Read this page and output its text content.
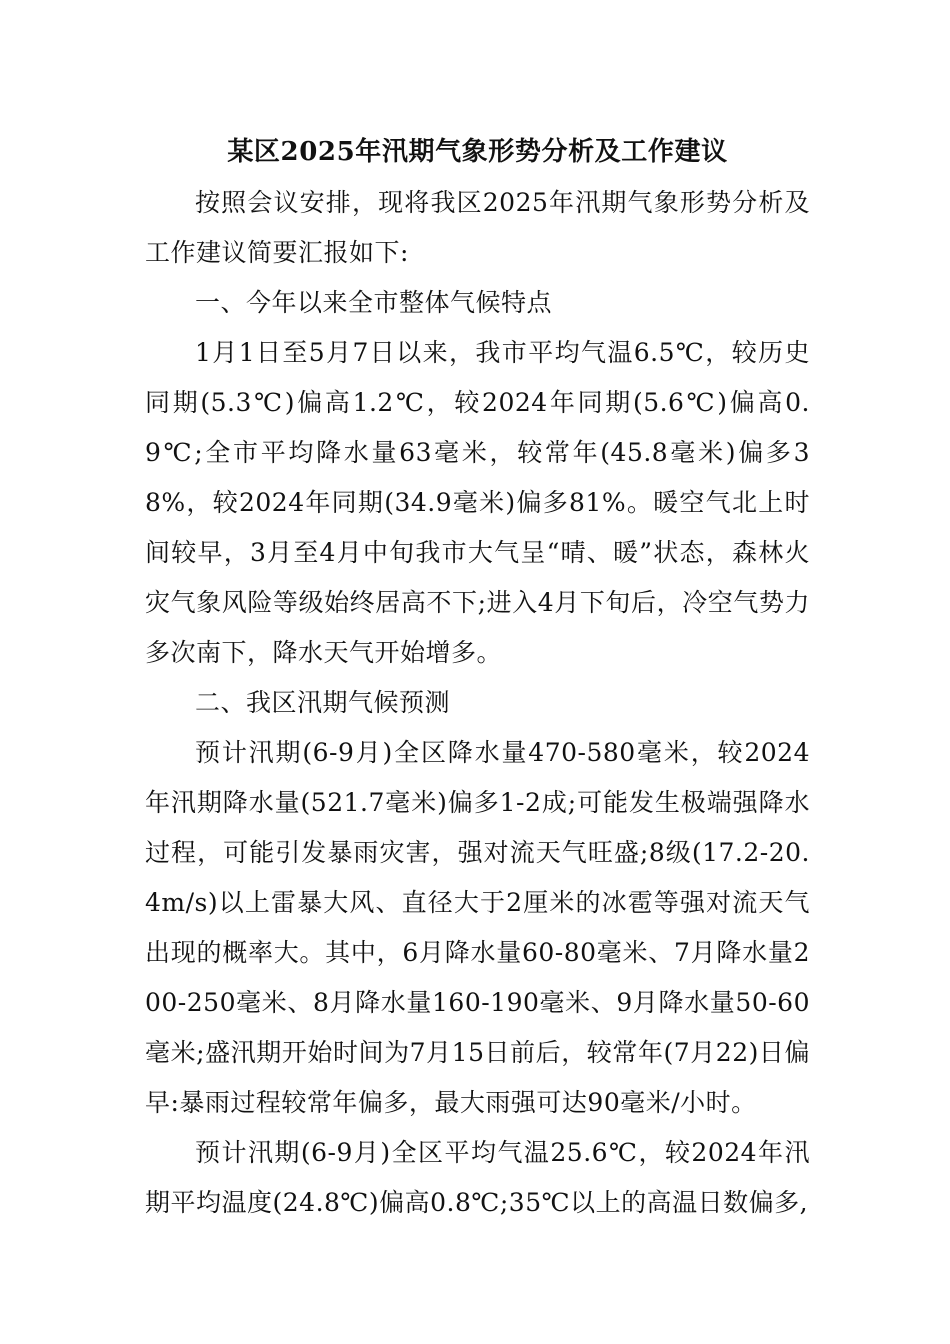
某区2025年汛期气象形势分析及工作建议

按照会议安排，现将我区2025年汛期气象形势分析及工作建议简要汇报如下:

一、今年以来全市整体气候特点

1月1日至5月7日以来，我市平均气温6.5℃，较历史同期(5.3℃)偏高1.2℃，较2024年同期(5.6℃)偏高0.9℃;全市平均降水量63毫米，较常年(45.8毫米)偏多38%，较2024年同期(34.9毫米)偏多81%。暖空气北上时间较早，3月至4月中旬我市大气呈“晴、暖”状态，森林火灾气象风险等级始终居高不下;进入4月下旬后，冷空气势力多次南下，降水天气开始增多。

二、我区汛期气候预测

预计汛期(6-9月)全区降水量470-580毫米，较2024年汛期降水量(521.7毫米)偏多1-2成;可能发生极端强降水过程，可能引发暴雨灾害，强对流天气旺盛;8级(17.2-20.4m/s)以上雷暴大风、直径大于2厘米的冰雹等强对流天气出现的概率大。其中，6月降水量60-80毫米、7月降水量200-250毫米、8月降水量160-190毫米、9月降水量50-60毫米;盛汛期开始时间为7月15日前后，较常年(7月22)日偏早:暴雨过程较常年偏多，最大雨强可达90毫米/小时。

预计汛期(6-9月)全区平均气温25.6℃，较2024年汛期平均温度(24.8℃)偏高0.8℃;35℃以上的高温日数偏多,
